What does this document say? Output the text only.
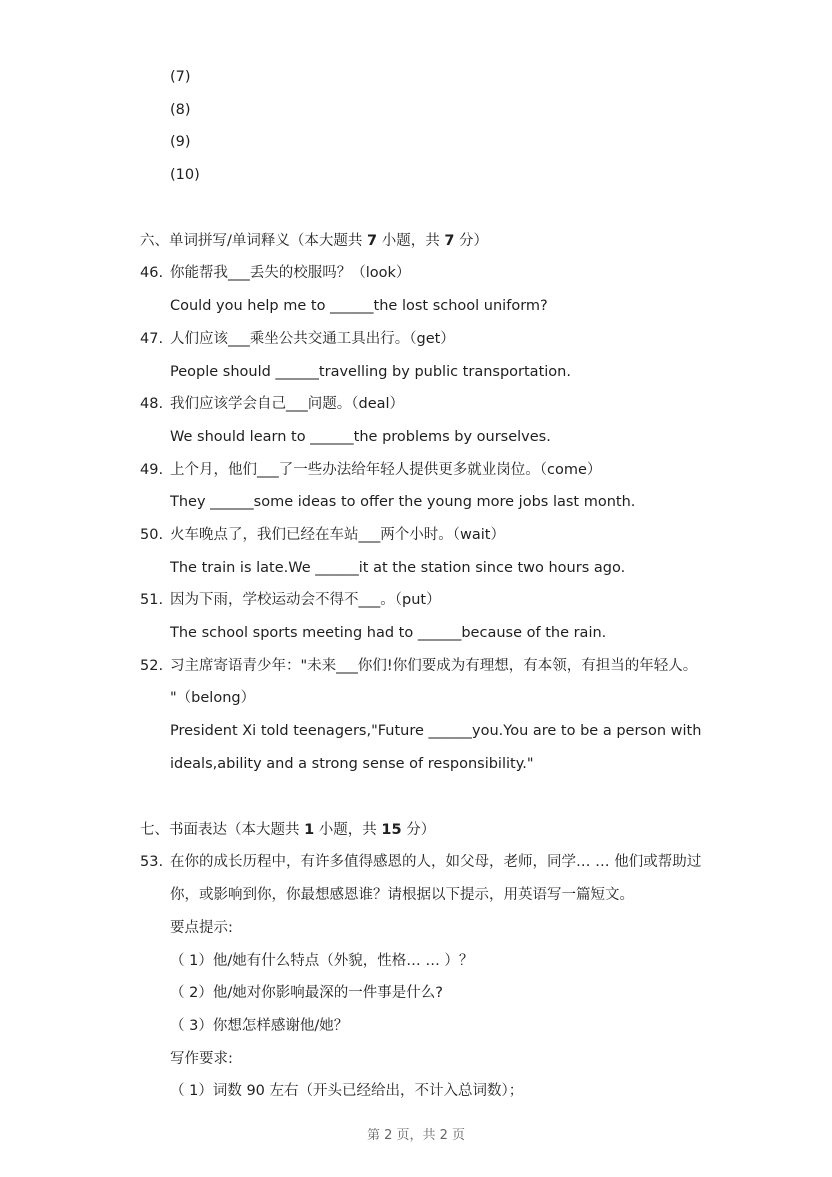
(7)
(8)
(9)
(10)
六、单词拼写/单词释义（本大题共 7 小题，共 7 分）
46. 你能帮我___丢失的校服吗？（look）
Could you help me to ______the lost school uniform?
47. 人们应该___乘坐公共交通工具出行。（get）
People should ______travelling by public transportation.
48. 我们应该学会自己___问题。（deal）
We should learn to ______the problems by ourselves.
49. 上个月，他们___了一些办法给年轻人提供更多就业岗位。（come）
They ______some ideas to offer the young more jobs last month.
50. 火车晚点了，我们已经在车站___两个小时。（wait）
The train is late.We ______it at the station since two hours ago.
51. 因为下雨，学校运动会不得不___。（put）
The school sports meeting had to ______because of the rain.
52. 习主席寄语青少年："未来___你们!你们要成为有理想，有本领，有担当的年轻人。
"（belong）
President Xi told teenagers,"Future ______you.You are to be a person with
ideals,ability and a strong sense of responsibility."
七、书面表达（本大题共 1 小题，共 15 分）
53. 在你的成长历程中，有许多值得感恩的人，如父母，老师，同学… … 他们或帮助过
你，或影响到你，你最想感恩谁？请根据以下提示，用英语写一篇短文。
要点提示:
（ 1）他/她有什么特点（外貌，性格… … ）？
（ 2）他/她对你影响最深的一件事是什么?
（ 3）你想怎样感谢他/她？
写作要求:
（ 1）词数 90 左右（开头已经给出，不计入总词数）；
第 2 页，共 2 页
